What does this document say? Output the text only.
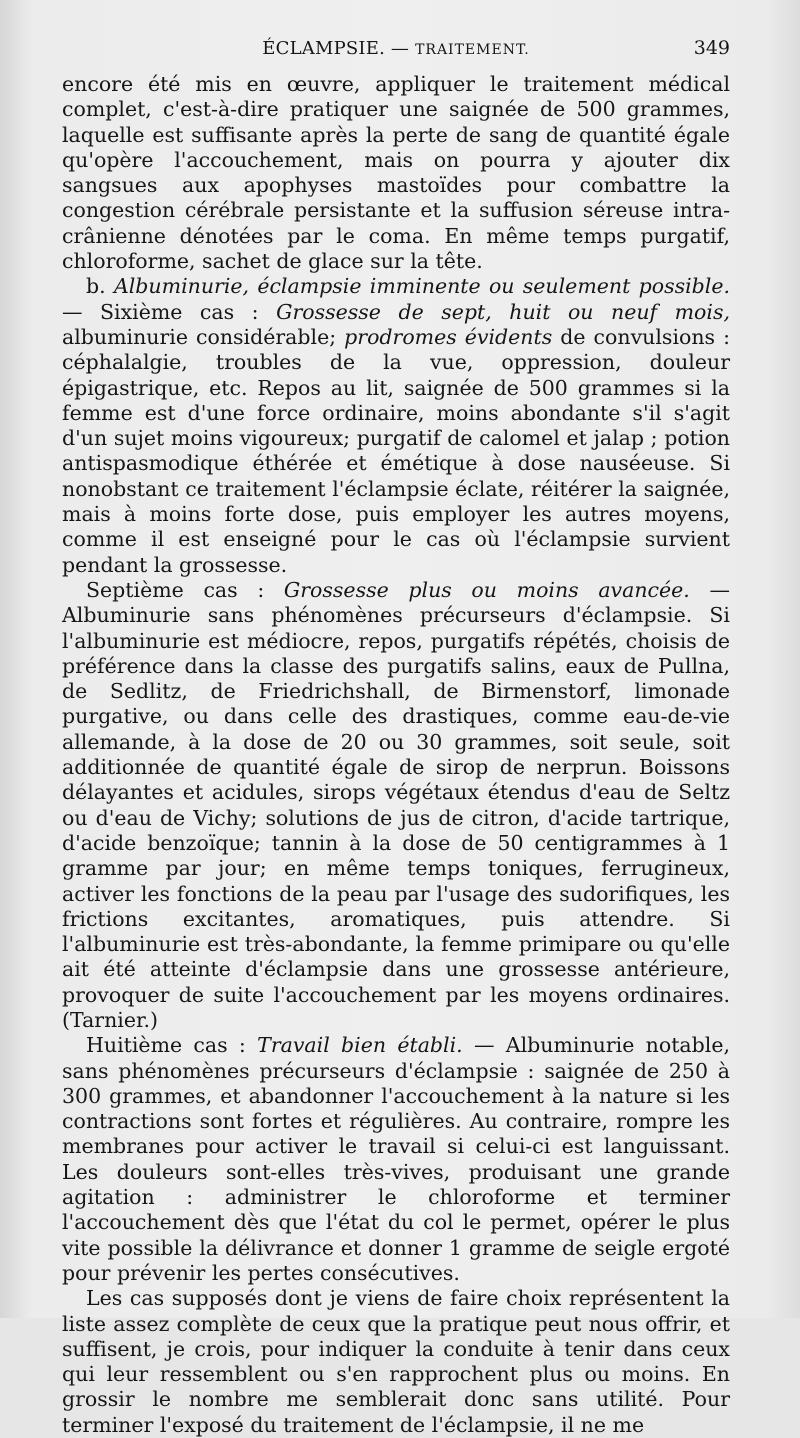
ÉCLAMPSIE. — TRAITEMENT.	349

encore été mis en œuvre, appliquer le traitement médical complet, c'est-à-dire pratiquer une saignée de 500 grammes, laquelle est suffisante après la perte de sang de quantité égale qu'opère l'accouchement, mais on pourra y ajouter dix sangsues aux apophyses mastoïdes pour combattre la congestion cérébrale persistante et la suffusion séreuse intra-crânienne dénotées par le coma. En même temps purgatif, chloroforme, sachet de glace sur la tête.

b. Albuminurie, éclampsie imminente ou seulement possible. — Sixième cas : Grossesse de sept, huit ou neuf mois, albuminurie considérable; prodromes évidents de convulsions : céphalalgie, troubles de la vue, oppression, douleur épigastrique, etc. Repos au lit, saignée de 500 grammes si la femme est d'une force ordinaire, moins abondante s'il s'agit d'un sujet moins vigoureux; purgatif de calomel et jalap ; potion antispasmodique éthérée et émétique à dose nauséeuse. Si nonobstant ce traitement l'éclampsie éclate, réitérer la saignée, mais à moins forte dose, puis employer les autres moyens, comme il est enseigné pour le cas où l'éclampsie survient pendant la grossesse.

Septième cas : Grossesse plus ou moins avancée. — Albuminurie sans phénomènes précurseurs d'éclampsie. Si l'albuminurie est médiocre, repos, purgatifs répétés, choisis de préférence dans la classe des purgatifs salins, eaux de Pullna, de Sedlitz, de Friedrichshall, de Birmenstorf, limonade purgative, ou dans celle des drastiques, comme eau-de-vie allemande, à la dose de 20 ou 30 grammes, soit seule, soit additionnée de quantité égale de sirop de nerprun. Boissons délayantes et acidules, sirops végétaux étendus d'eau de Seltz ou d'eau de Vichy; solutions de jus de citron, d'acide tartrique, d'acide benzoïque; tannin à la dose de 50 centigrammes à 1 gramme par jour; en même temps toniques, ferrugineux, activer les fonctions de la peau par l'usage des sudorifiques, les frictions excitantes, aromatiques, puis attendre. Si l'albuminurie est très-abondante, la femme primipare ou qu'elle ait été atteinte d'éclampsie dans une grossesse antérieure, provoquer de suite l'accouchement par les moyens ordinaires. (Tarnier.)

Huitième cas : Travail bien établi. — Albuminurie notable, sans phénomènes précurseurs d'éclampsie : saignée de 250 à 300 grammes, et abandonner l'accouchement à la nature si les contractions sont fortes et régulières. Au contraire, rompre les membranes pour activer le travail si celui-ci est languissant. Les douleurs sont-elles très-vives, produisant une grande agitation : administrer le chloroforme et terminer l'accouchement dès que l'état du col le permet, opérer le plus vite possible la délivrance et donner 1 gramme de seigle ergoté pour prévenir les pertes consécutives.

Les cas supposés dont je viens de faire choix représentent la liste assez complète de ceux que la pratique peut nous offrir, et suffisent, je crois, pour indiquer la conduite à tenir dans ceux qui leur ressemblent ou s'en rapprochent plus ou moins. En grossir le nombre me semblerait donc sans utilité. Pour terminer l'exposé du traitement de l'éclampsie, il ne me
